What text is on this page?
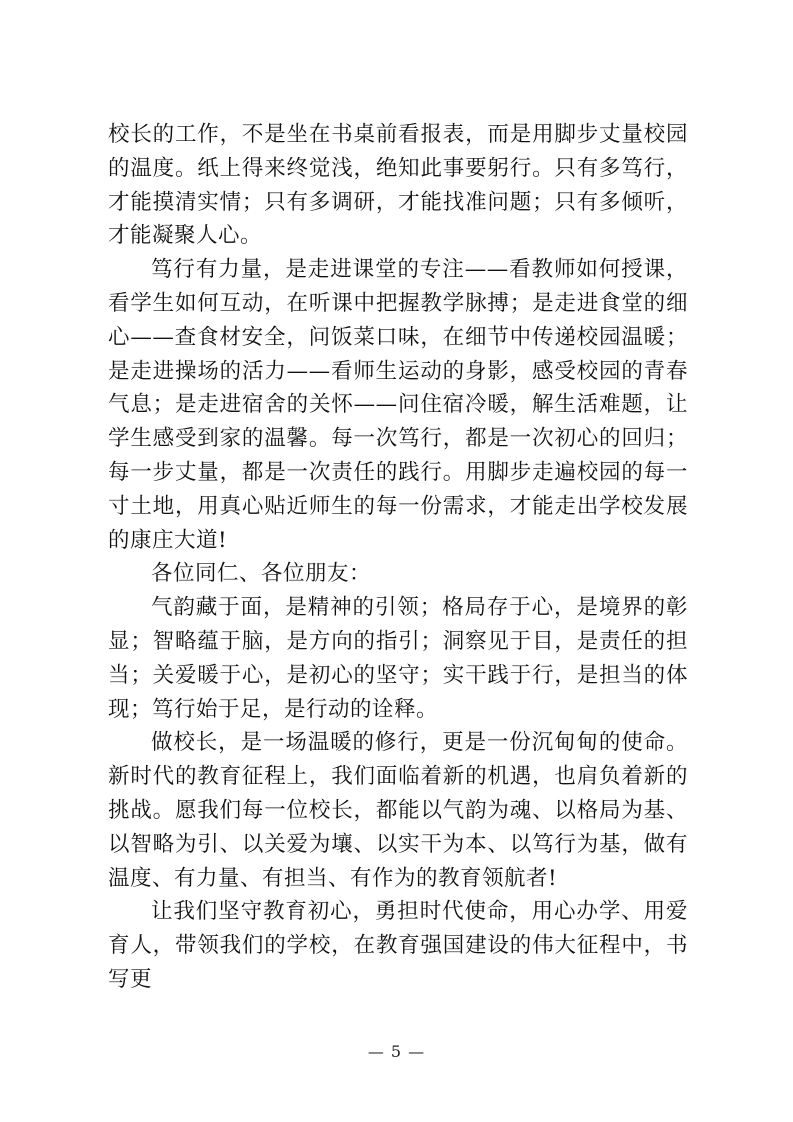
校长的工作，不是坐在书桌前看报表，而是用脚步丈量校园的温度。纸上得来终觉浅，绝知此事要躬行。只有多笃行，才能摸清实情；只有多调研，才能找准问题；只有多倾听，才能凝聚人心。

笃行有力量，是走进课堂的专注——看教师如何授课，看学生如何互动，在听课中把握教学脉搏；是走进食堂的细心——查食材安全，问饭菜口味，在细节中传递校园温暖；是走进操场的活力——看师生运动的身影，感受校园的青春气息；是走进宿舍的关怀——问住宿冷暖，解生活难题，让学生感受到家的温馨。每一次笃行，都是一次初心的回归；每一步丈量，都是一次责任的践行。用脚步走遍校园的每一寸土地，用真心贴近师生的每一份需求，才能走出学校发展的康庄大道!

各位同仁、各位朋友：

气韵藏于面，是精神的引领；格局存于心，是境界的彰显；智略蕴于脑，是方向的指引；洞察见于目，是责任的担当；关爱暖于心，是初心的坚守；实干践于行，是担当的体现；笃行始于足，是行动的诠释。

做校长，是一场温暖的修行，更是一份沉甸甸的使命。新时代的教育征程上，我们面临着新的机遇，也肩负着新的挑战。愿我们每一位校长，都能以气韵为魂、以格局为基、以智略为引、以关爱为壤、以实干为本、以笃行为基，做有温度、有力量、有担当、有作为的教育领航者!

让我们坚守教育初心，勇担时代使命，用心办学、用爱育人，带领我们的学校，在教育强国建设的伟大征程中，书写更

— 5 —
